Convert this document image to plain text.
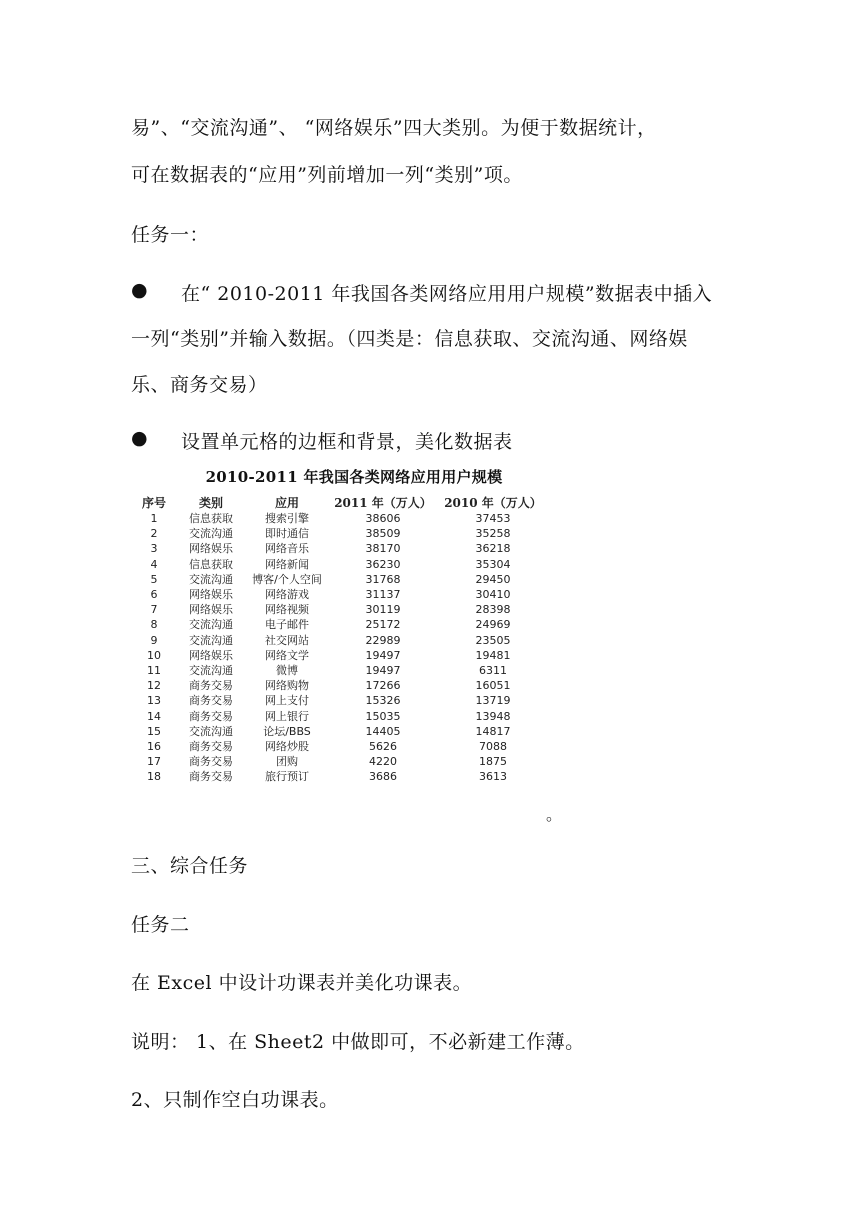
易”、“交流沟通”、 “网络娱乐”四大类别。为便于数据统计，
可在数据表的“应用”列前增加一列“类别”项。
任务一：
● 在“ 2010-2011 年我国各类网络应用用户规模”数据表中插入
一列“类别”并输入数据。（四类是：信息获取、交流沟通、网络娱
乐、商务交易）
● 设置单元格的边框和背景，美化数据表
2010-2011 年我国各类网络应用用户规模
序号	类别	应用	2011 年（万人）	2010 年（万人）
1	信息获取	搜索引擎	38606	37453
2	交流沟通	即时通信	38509	35258
3	网络娱乐	网络音乐	38170	36218
4	信息获取	网络新闻	36230	35304
5	交流沟通	博客/个人空间	31768	29450
6	网络娱乐	网络游戏	31137	30410
7	网络娱乐	网络视频	30119	28398
8	交流沟通	电子邮件	25172	24969
9	交流沟通	社交网站	22989	23505
10	网络娱乐	网络文学	19497	19481
11	交流沟通	微博	19497	6311
12	商务交易	网络购物	17266	16051
13	商务交易	网上支付	15326	13719
14	商务交易	网上银行	15035	13948
15	交流沟通	论坛/BBS	14405	14817
16	商务交易	网络炒股	5626	7088
17	商务交易	团购	4220	1875
18	商务交易	旅行预订	3686	3613
。
三、综合任务
任务二
在 Excel 中设计功课表并美化功课表。
说明： 1、在 Sheet2 中做即可，不必新建工作薄。
2、只制作空白功课表。
